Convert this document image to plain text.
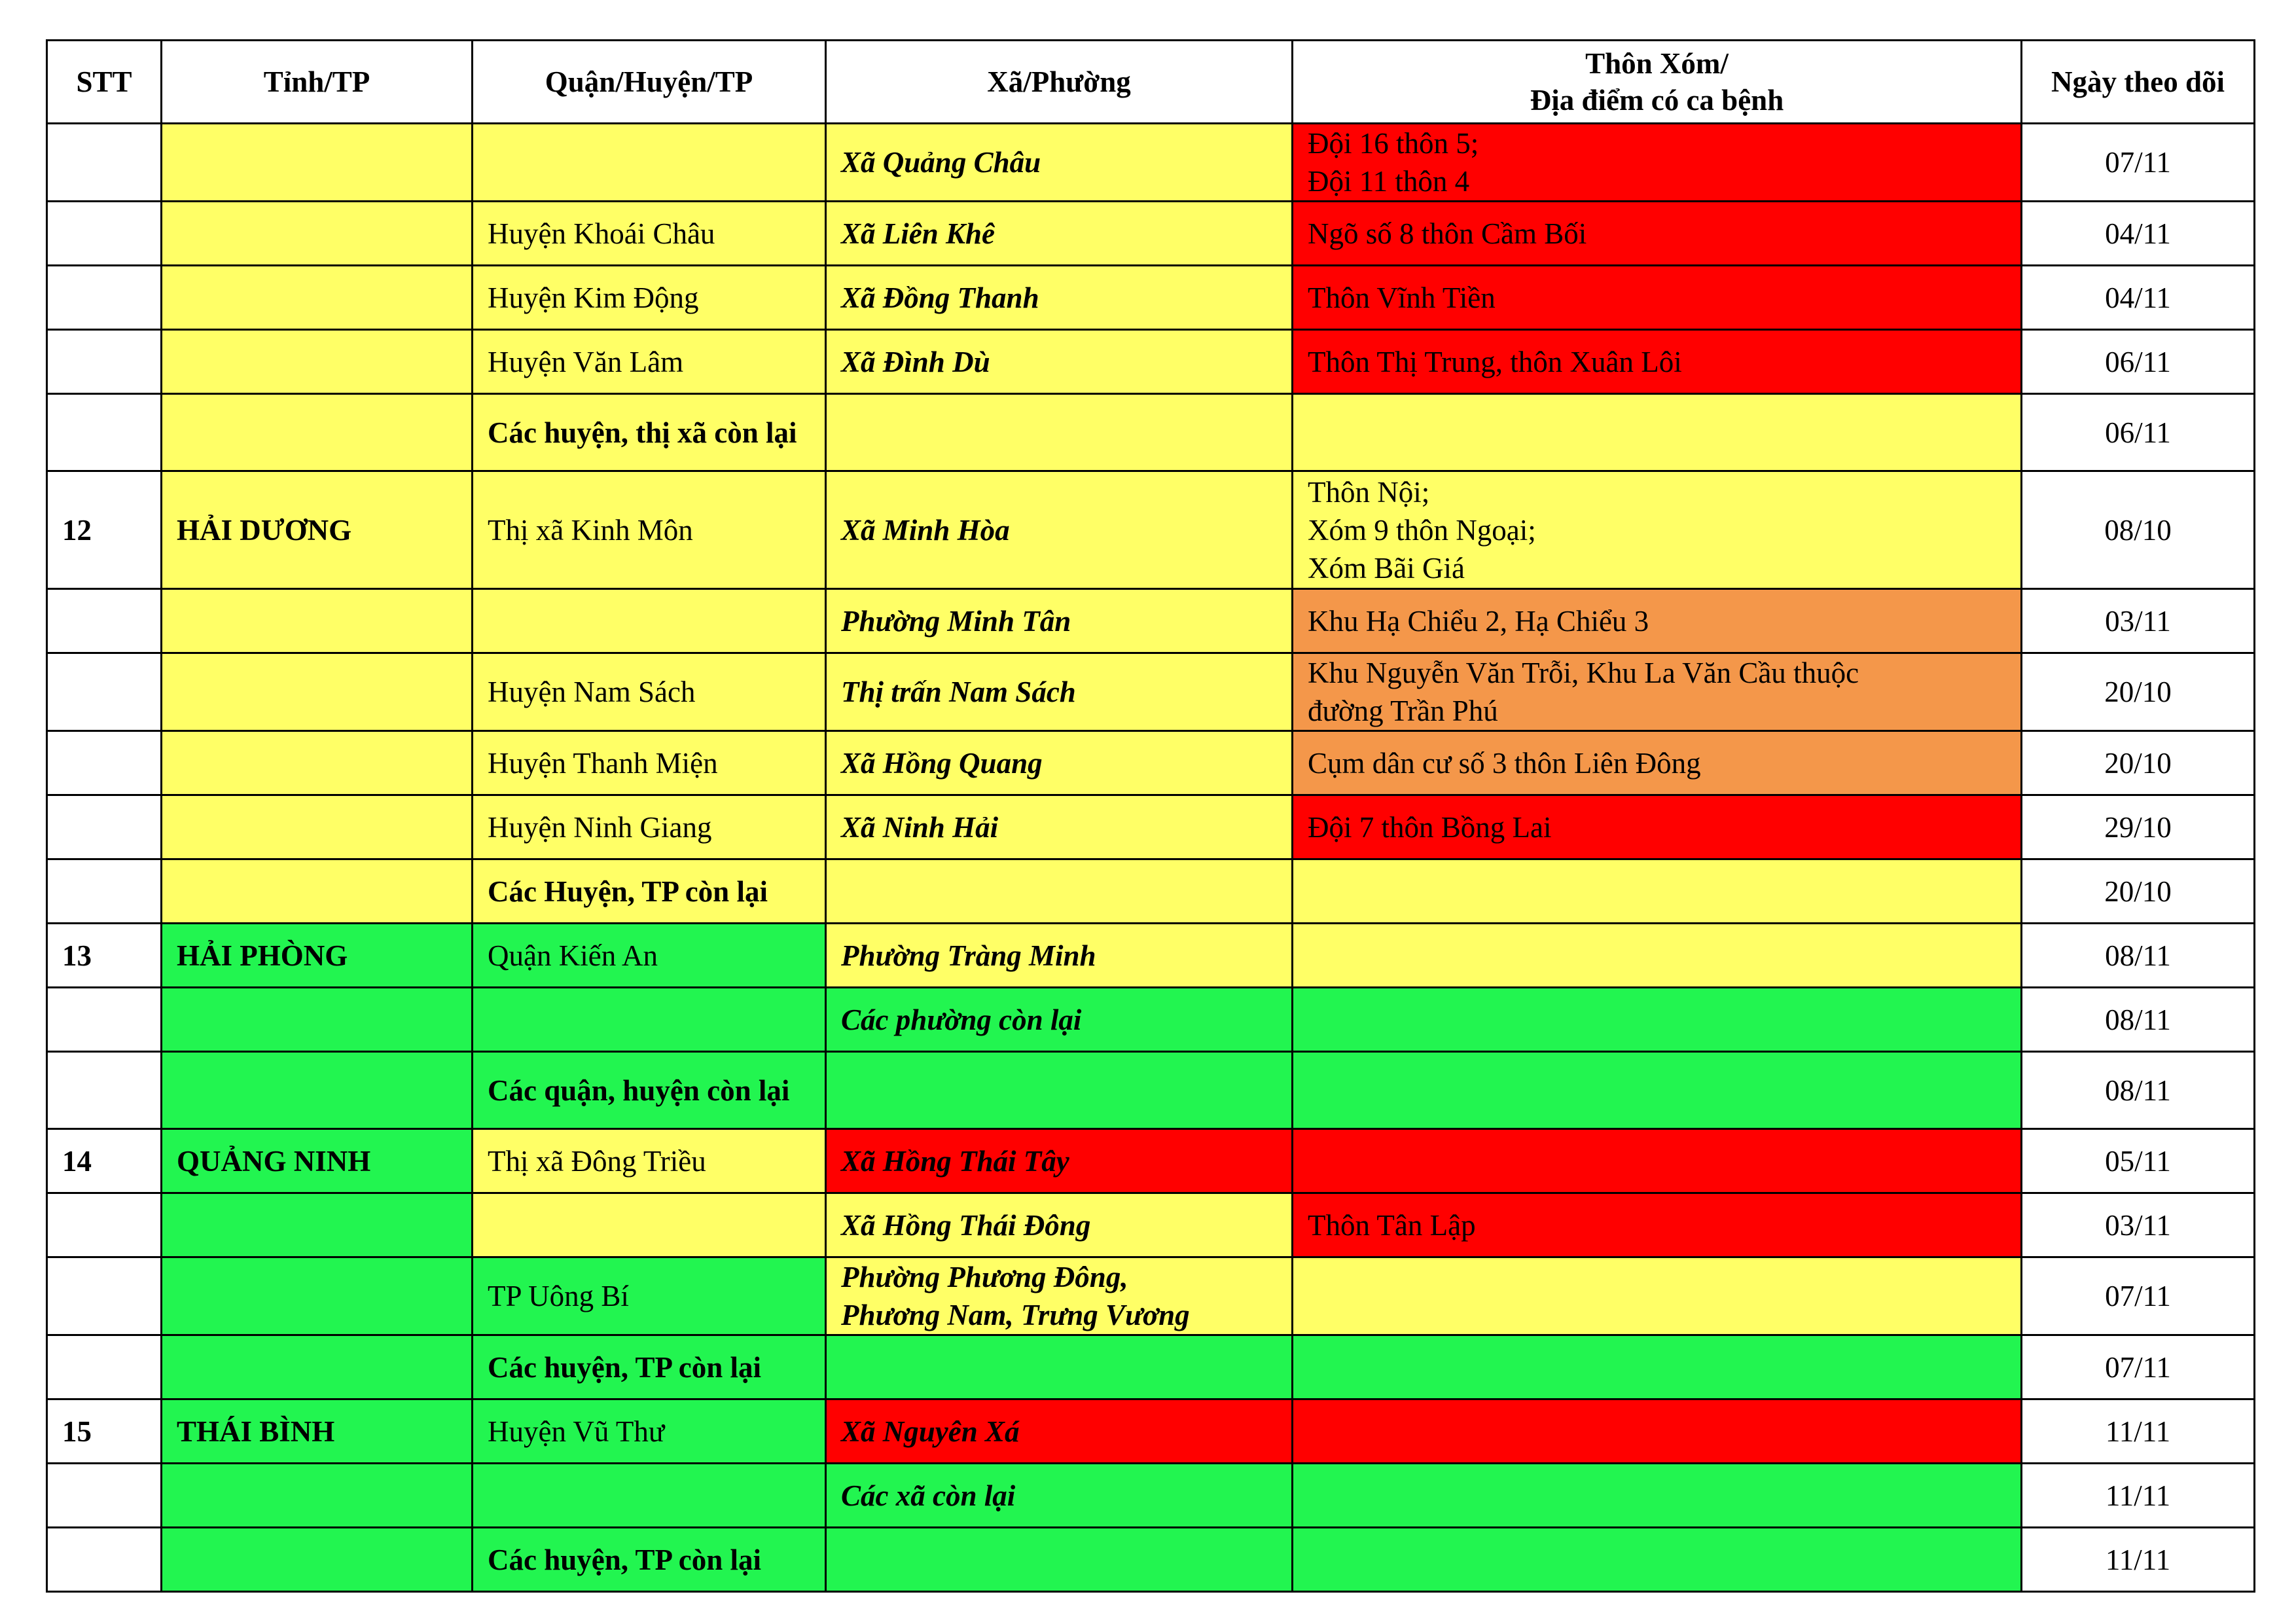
STT	Tỉnh/TP	Quận/Huyện/TP	Xã/Phường	Thôn Xóm/
Địa điểm có ca bệnh	Ngày theo dõi
			Xã Quảng Châu	Đội 16 thôn 5;
Đội 11 thôn 4	07/11
		Huyện Khoái Châu	Xã Liên Khê	Ngõ số 8 thôn Cầm Bối	04/11
		Huyện Kim Động	Xã Đồng Thanh	Thôn Vĩnh Tiền	04/11
		Huyện Văn Lâm	Xã Đình Dù	Thôn Thị Trung, thôn Xuân Lôi	06/11
		Các huyện, thị xã còn lại			06/11
12	HẢI DƯƠNG	Thị xã Kinh Môn	Xã Minh Hòa	Thôn Nội;
Xóm 9 thôn Ngoại;
Xóm Bãi Giá	08/10
			Phường Minh Tân	Khu Hạ Chiểu 2, Hạ Chiểu 3	03/11
		Huyện Nam Sách	Thị trấn Nam Sách	Khu Nguyễn Văn Trỗi, Khu La Văn Cầu thuộc
đường Trần Phú	20/10
		Huyện Thanh Miện	Xã Hồng Quang	Cụm dân cư số 3 thôn Liên Đông	20/10
		Huyện Ninh Giang	Xã Ninh Hải	Đội 7 thôn Bồng Lai	29/10
		Các Huyện, TP còn lại			20/10
13	HẢI PHÒNG	Quận Kiến An	Phường Tràng Minh		08/11
			Các phường còn lại		08/11
		Các quận, huyện còn lại			08/11
14	QUẢNG NINH	Thị xã Đông Triều	Xã Hồng Thái Tây		05/11
			Xã Hồng Thái Đông	Thôn Tân Lập	03/11
		TP Uông Bí	Phường Phương Đông,
Phương Nam, Trưng Vương		07/11
		Các huyện, TP còn lại			07/11
15	THÁI BÌNH	Huyện Vũ Thư	Xã Nguyên Xá		11/11
			Các xã còn lại		11/11
		Các huyện, TP còn lại			11/11
